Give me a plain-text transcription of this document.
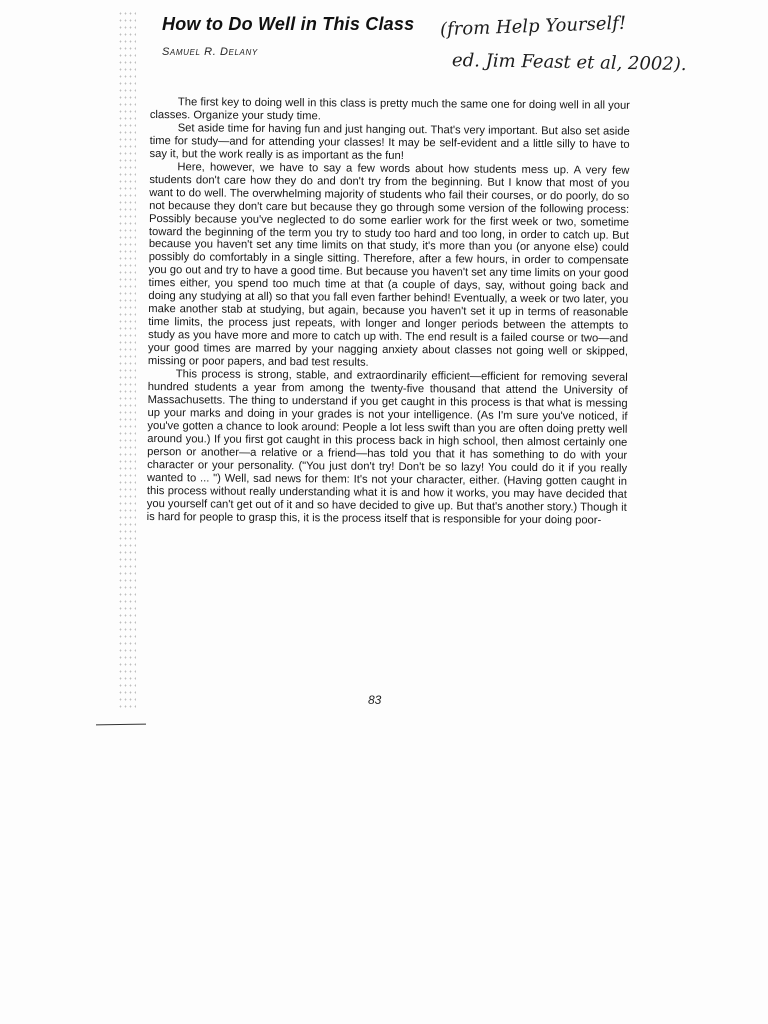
How to Do Well in This Class
Samuel R. Delany
(from Help Yourself!
ed. Jim Feast et al, 2002).

The first key to doing well in this class is pretty much the same one for doing well in all your classes. Organize your study time.

Set aside time for having fun and just hanging out. That's very important. But also set aside time for study—and for attending your classes! It may be self-evident and a little silly to have to say it, but the work really is as important as the fun!

Here, however, we have to say a few words about how students mess up. A very few students don't care how they do and don't try from the beginning. But I know that most of you want to do well. The overwhelming majority of students who fail their courses, or do poorly, do so not because they don't care but because they go through some version of the following process: Possibly because you've neglected to do some earlier work for the first week or two, sometime toward the beginning of the term you try to study too hard and too long, in order to catch up. But because you haven't set any time limits on that study, it's more than you (or anyone else) could possibly do comfortably in a single sitting. Therefore, after a few hours, in order to compensate you go out and try to have a good time. But because you haven't set any time limits on your good times either, you spend too much time at that (a couple of days, say, without going back and doing any studying at all) so that you fall even farther behind! Eventually, a week or two later, you make another stab at studying, but again, because you haven't set it up in terms of reasonable time limits, the process just repeats, with longer and longer periods between the attempts to study as you have more and more to catch up with. The end result is a failed course or two—and your good times are marred by your nagging anxiety about classes not going well or skipped, missing or poor papers, and bad test results.

This process is strong, stable, and extraordinarily efficient—efficient for removing several hundred students a year from among the twenty-five thousand that attend the University of Massachusetts. The thing to understand if you get caught in this process is that what is messing up your marks and doing in your grades is not your intelligence. (As I'm sure you've noticed, if you've gotten a chance to look around: People a lot less swift than you are often doing pretty well around you.) If you first got caught in this process back in high school, then almost certainly one person or another—a relative or a friend—has told you that it has something to do with your character or your personality. ("You just don't try! Don't be so lazy! You could do it if you really wanted to ... ") Well, sad news for them: It's not your character, either. (Having gotten caught in this process without really understanding what it is and how it works, you may have decided that you yourself can't get out of it and so have decided to give up. But that's another story.) Though it is hard for people to grasp this, it is the process itself that is responsible for your doing poor-

83
